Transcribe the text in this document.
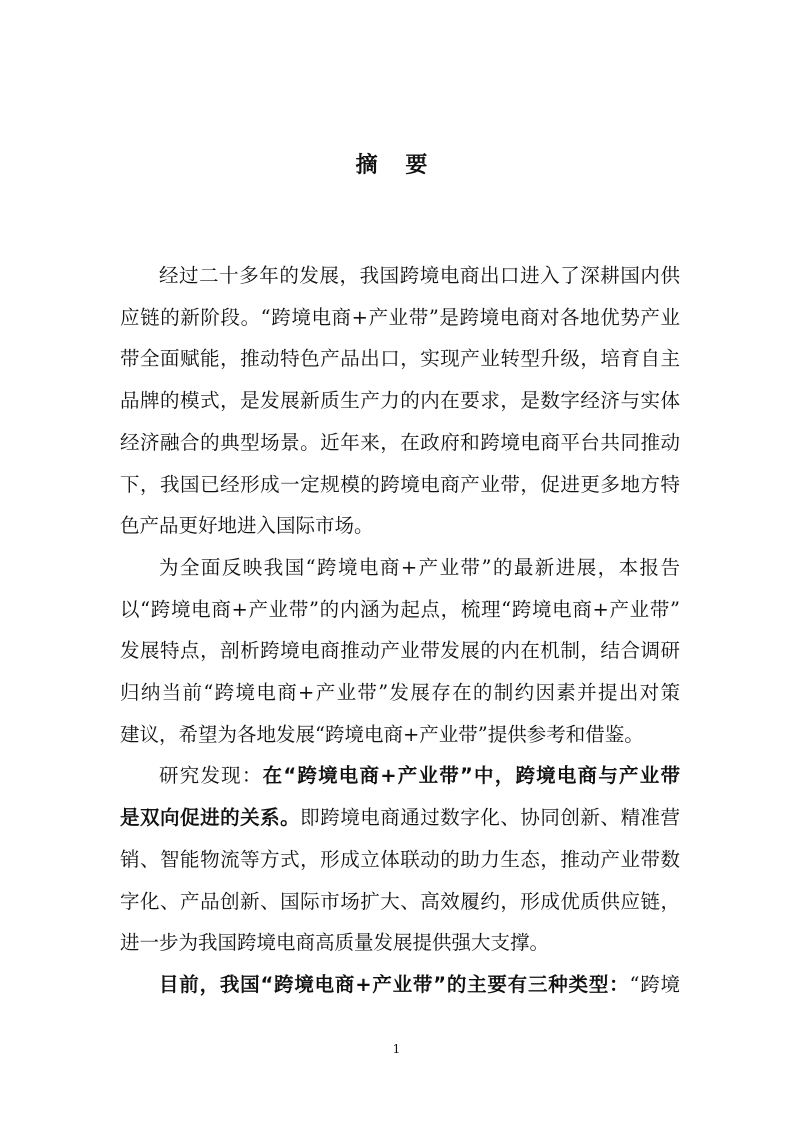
摘 要

经过二十多年的发展，我国跨境电商出口进入了深耕国内供
应链的新阶段。“跨境电商+产业带”是跨境电商对各地优势产业
带全面赋能，推动特色产品出口，实现产业转型升级，培育自主
品牌的模式，是发展新质生产力的内在要求，是数字经济与实体
经济融合的典型场景。近年来，在政府和跨境电商平台共同推动
下，我国已经形成一定规模的跨境电商产业带，促进更多地方特
色产品更好地进入国际市场。

为全面反映我国“跨境电商+产业带”的最新进展，本报告
以“跨境电商+产业带”的内涵为起点，梳理“跨境电商+产业带”
发展特点，剖析跨境电商推动产业带发展的内在机制，结合调研
归纳当前“跨境电商+产业带”发展存在的制约因素并提出对策
建议，希望为各地发展“跨境电商+产业带”提供参考和借鉴。

研究发现：在“跨境电商+产业带”中，跨境电商与产业带
是双向促进的关系。即跨境电商通过数字化、协同创新、精准营
销、智能物流等方式，形成立体联动的助力生态，推动产业带数
字化、产品创新、国际市场扩大、高效履约，形成优质供应链，
进一步为我国跨境电商高质量发展提供强大支撑。

目前，我国“跨境电商+产业带”的主要有三种类型：“跨境

1
